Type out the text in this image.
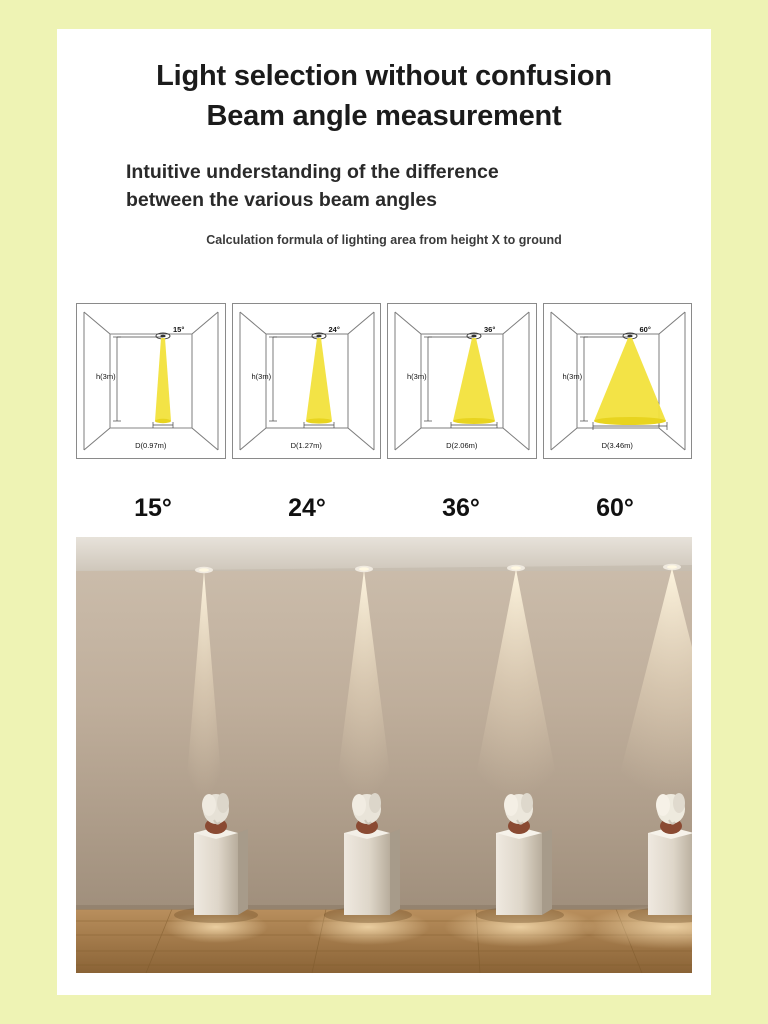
Light selection without confusion
Beam angle measurement
Intuitive understanding of the difference
between the various beam angles
Calculation formula of lighting area from height X to ground
15°
h(3m)
D(0.97m)
24°
h(3m)
D(1.27m)
36°
h(3m)
D(2.06m)
60°
h(3m)
D(3.46m)
15°	24°	36°	60°
